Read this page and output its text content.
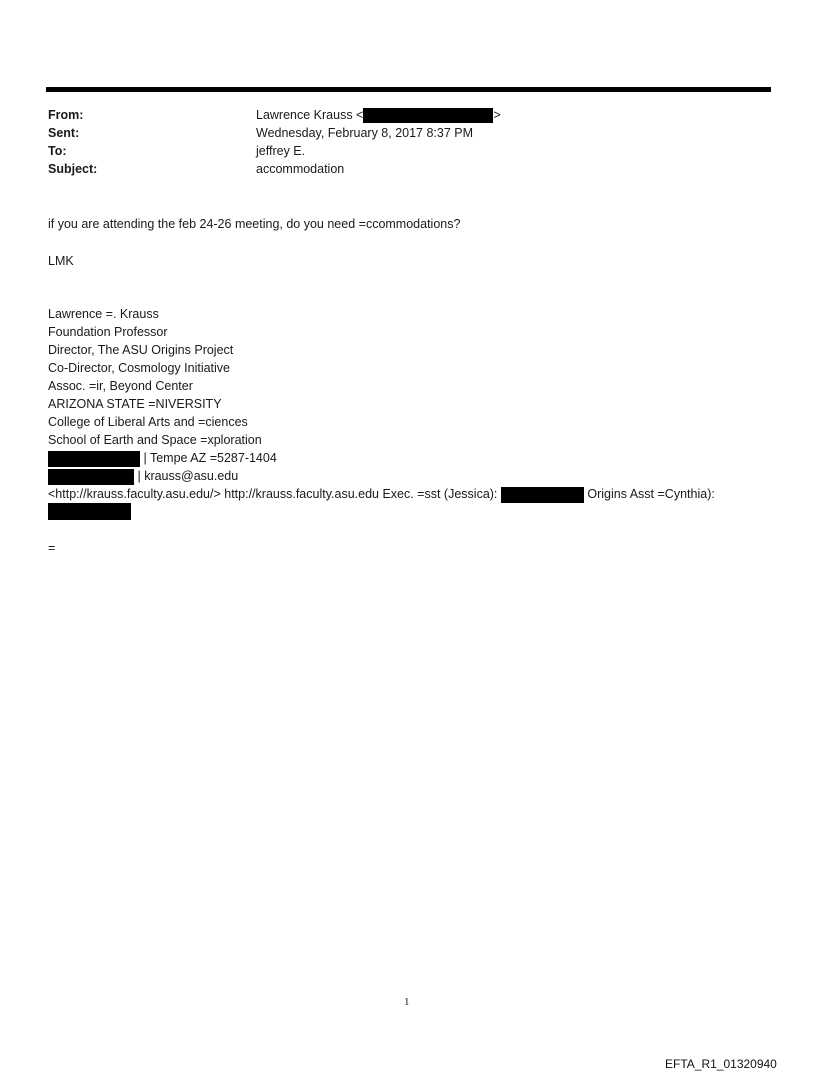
From:	Lawrence Krauss <	>
Sent:	Wednesday, February 8, 2017 8:37 PM
To:	jeffrey E.
Subject:	accommodation
if you are attending the feb 24-26 meeting, do you need =ccommodations?
LMK
Lawrence =. Krauss
Foundation Professor
Director, The ASU Origins Project
Co-Director, Cosmology Initiative
Assoc. =ir, Beyond Center
ARIZONA STATE =NIVERSITY
College of Liberal Arts and =ciences
School of Earth and Space =xploration
| Tempe AZ =5287-1404
| krauss@asu.edu
<http://krauss.faculty.asu.edu/> http://krauss.faculty.asu.edu Exec. =sst (Jessica):	Origins Asst =Cynthia):
=
1
EFTA_R1_01320940
